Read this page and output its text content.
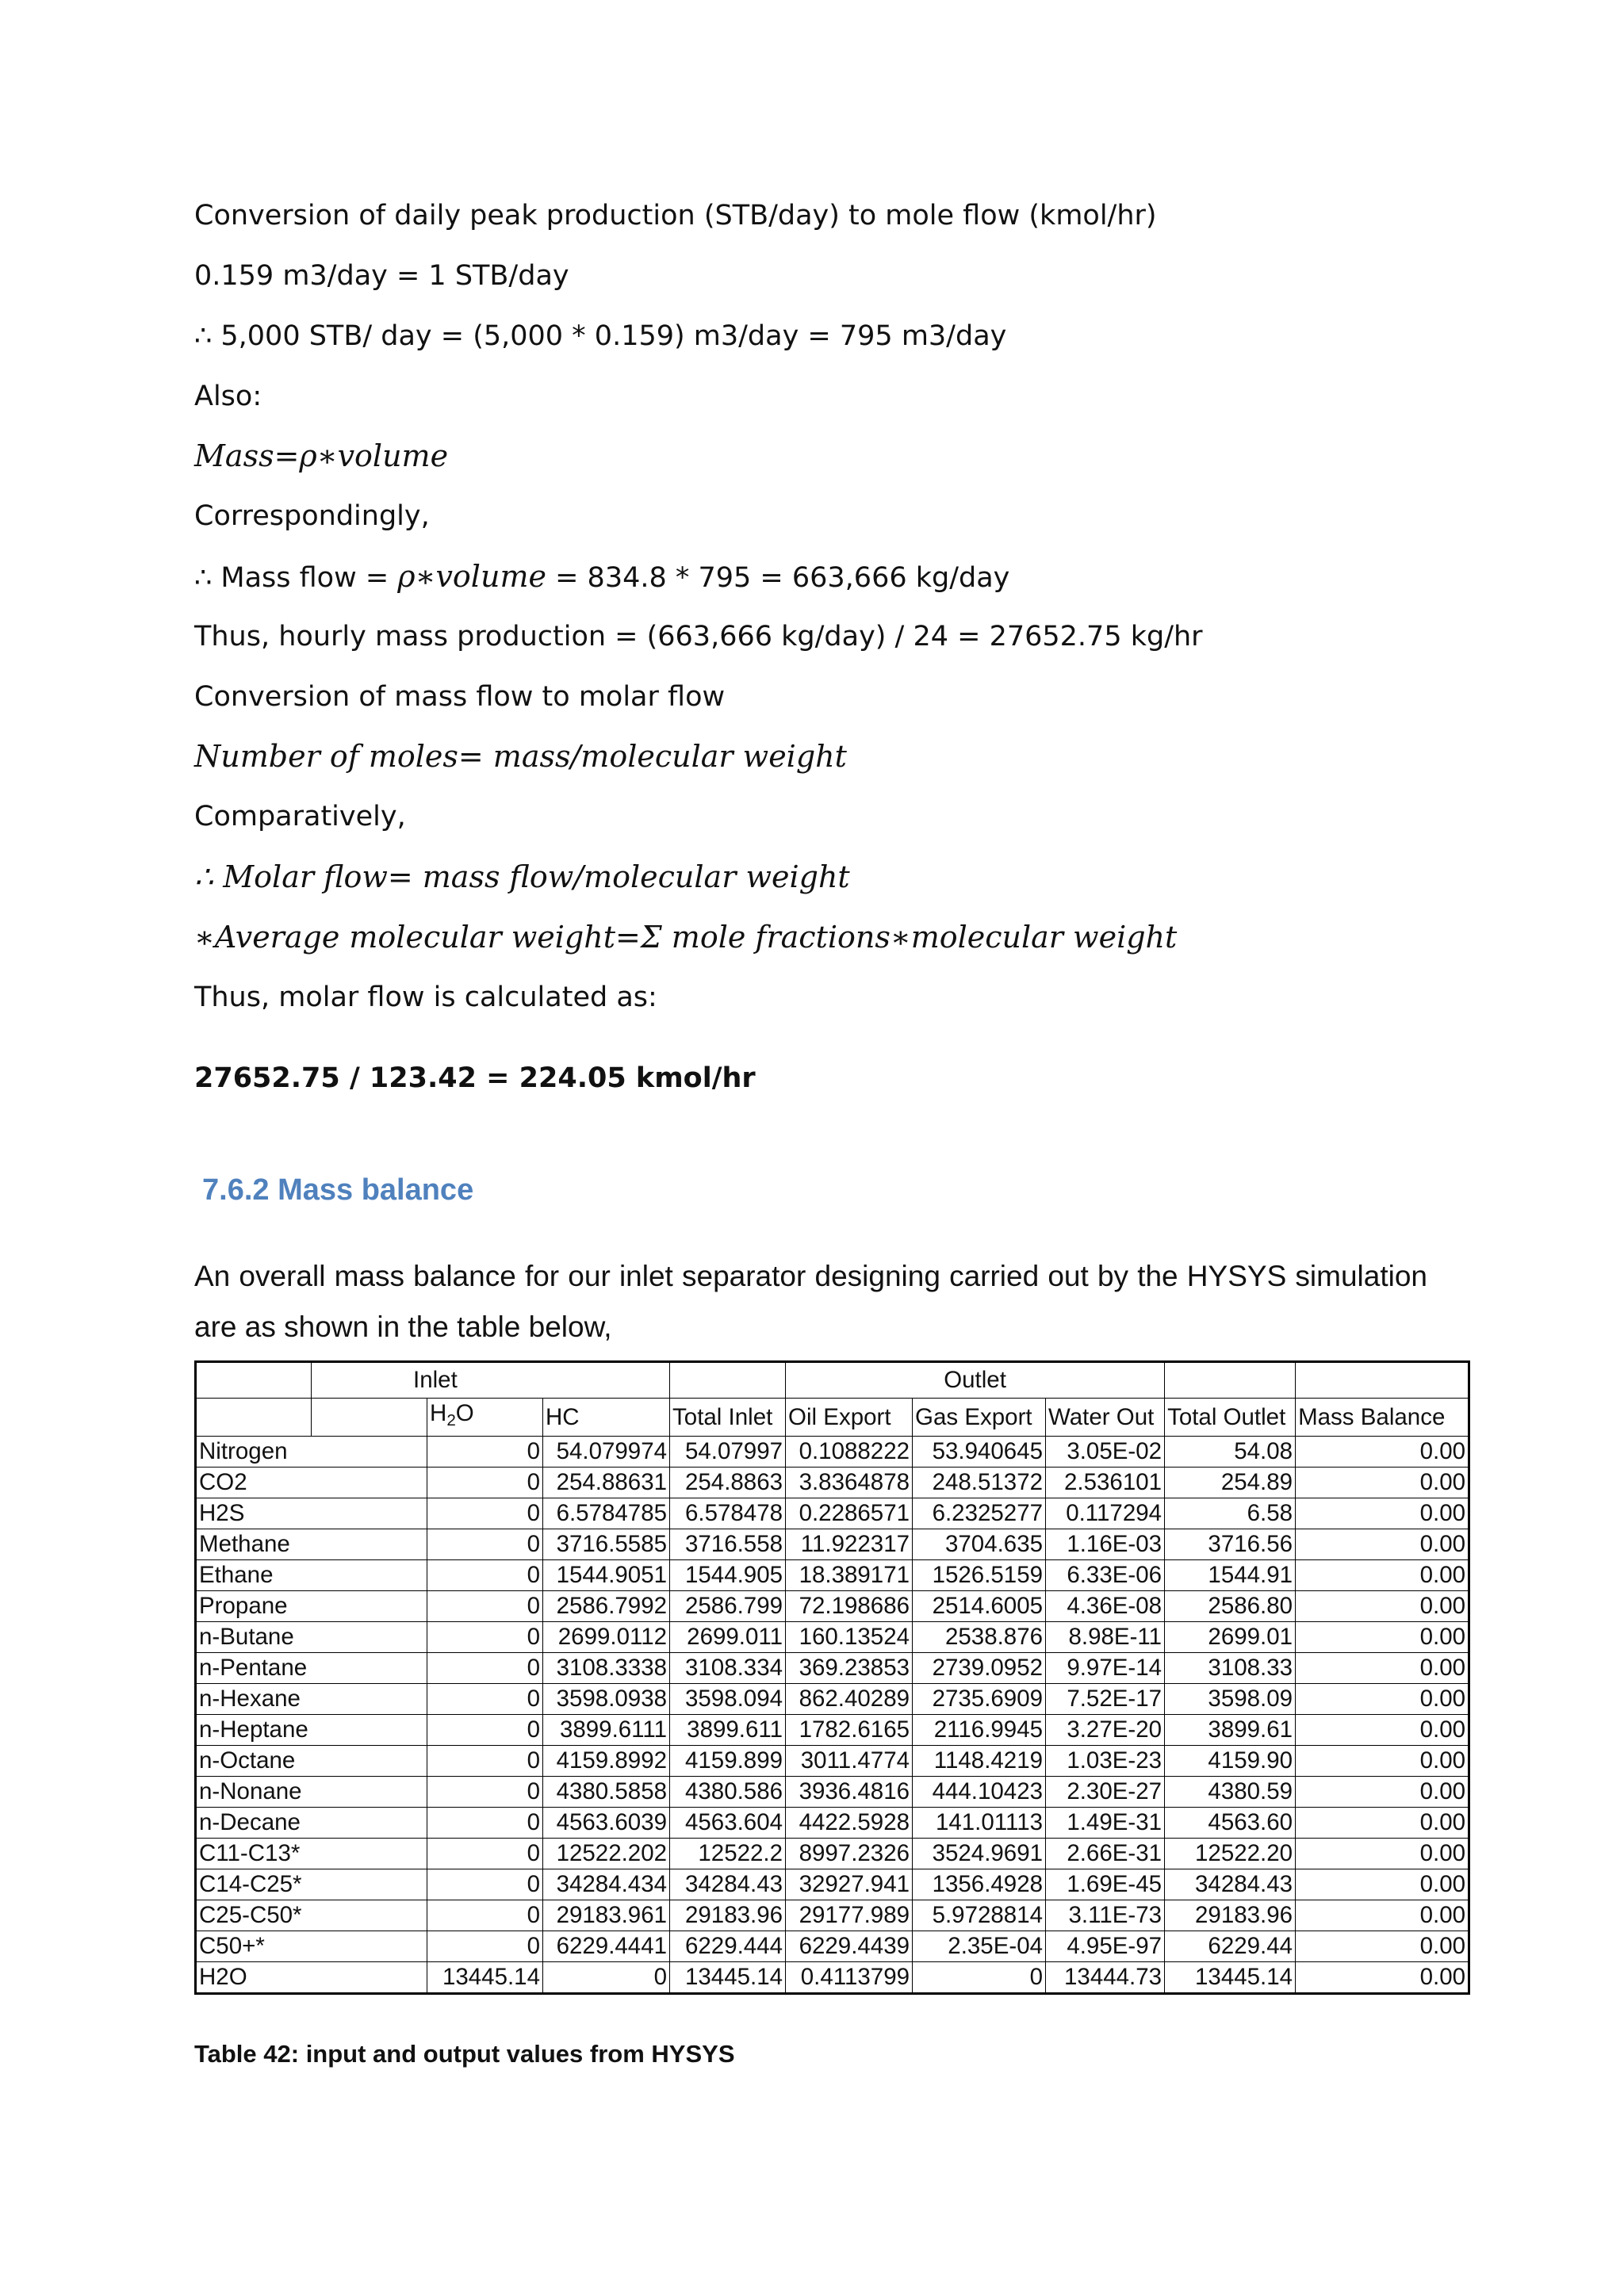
Conversion of daily peak production (STB/day) to mole flow (kmol/hr)
0.159 m3/day = 1 STB/day
∴ 5,000 STB/ day = (5,000 * 0.159) m3/day = 795 m3/day
Also:
Mass=ρ∗volume
Correspondingly,
∴ Mass flow = ρ∗volume = 834.8 * 795 = 663,666 kg/day
Thus, hourly mass production = (663,666 kg/day) / 24 = 27652.75 kg/hr
Conversion of mass flow to molar flow
Number of moles= mass/molecular weight
Comparatively,
∴ Molar flow= mass flow/molecular weight
∗Average molecular weight=Σ mole fractions∗molecular weight
Thus, molar flow is calculated as:
27652.75 / 123.42 = 224.05 kmol/hr
7.6.2 Mass balance
An overall mass balance for our inlet separator designing carried out by the HYSYS simulation are as shown in the table below,
	Inlet				Outlet				
		$H_2O$	HC	Total Inlet	Oil Export	Gas Export	Water Out	Total Outlet	Mass Balance
Nitrogen		0	54.079974	54.07997	0.1088222	53.940645	3.05E-02	54.08	0.00
CO2		0	254.88631	254.8863	3.8364878	248.51372	2.536101	254.89	0.00
H2S		0	6.5784785	6.578478	0.2286571	6.2325277	0.117294	6.58	0.00
Methane		0	3716.5585	3716.558	11.922317	3704.635	1.16E-03	3716.56	0.00
Ethane		0	1544.9051	1544.905	18.389171	1526.5159	6.33E-06	1544.91	0.00
Propane		0	2586.7992	2586.799	72.198686	2514.6005	4.36E-08	2586.80	0.00
n-Butane		0	2699.0112	2699.011	160.13524	2538.876	8.98E-11	2699.01	0.00
n-Pentane		0	3108.3338	3108.334	369.23853	2739.0952	9.97E-14	3108.33	0.00
n-Hexane		0	3598.0938	3598.094	862.40289	2735.6909	7.52E-17	3598.09	0.00
n-Heptane		0	3899.6111	3899.611	1782.6165	2116.9945	3.27E-20	3899.61	0.00
n-Octane		0	4159.8992	4159.899	3011.4774	1148.4219	1.03E-23	4159.90	0.00
n-Nonane		0	4380.5858	4380.586	3936.4816	444.10423	2.30E-27	4380.59	0.00
n-Decane		0	4563.6039	4563.604	4422.5928	141.01113	1.49E-31	4563.60	0.00
C11-C13*		0	12522.202	12522.2	8997.2326	3524.9691	2.66E-31	12522.20	0.00
C14-C25*		0	34284.434	34284.43	32927.941	1356.4928	1.69E-45	34284.43	0.00
C25-C50*		0	29183.961	29183.96	29177.989	5.9728814	3.11E-73	29183.96	0.00
C50+*		0	6229.4441	6229.444	6229.4439	2.35E-04	4.95E-97	6229.44	0.00
H2O		13445.14	0	13445.14	0.4113799	0	13444.73	13445.14	0.00
Table 42: input and output values from HYSYS
